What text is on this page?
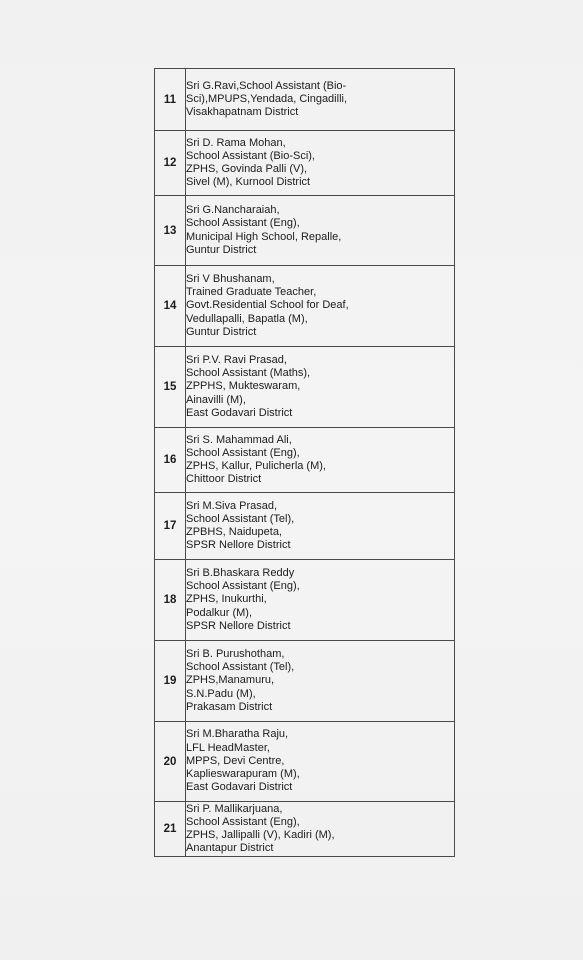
11	Sri G.Ravi,School Assistant (Bio-
Sci),MPUPS,Yendada, Cingadilli,
Visakhapatnam District

12	Sri D. Rama Mohan,
School Assistant (Bio-Sci),
ZPHS, Govinda Palli (V),
Sivel (M), Kurnool District

13	Sri G.Nancharaiah,
School Assistant (Eng),
Municipal High School, Repalle,
Guntur District

14	Sri V Bhushanam,
Trained Graduate Teacher,
Govt.Residential School for Deaf,
Vedullapalli, Bapatla (M),
Guntur District

15	Sri P.V. Ravi Prasad,
School Assistant (Maths),
ZPPHS, Mukteswaram,
Ainavilli (M),
East Godavari District

16	Sri S. Mahammad Ali,
School Assistant (Eng),
ZPHS, Kallur, Pulicherla (M),
Chittoor District

17	Sri M.Siva Prasad,
School Assistant (Tel),
ZPBHS, Naidupeta,
SPSR Nellore District

18	Sri B.Bhaskara Reddy
School Assistant (Eng),
ZPHS, Inukurthi,
Podalkur (M),
SPSR Nellore District

19	Sri B. Purushotham,
School Assistant (Tel),
ZPHS,Manamuru,
S.N.Padu (M),
Prakasam District

20	Sri M.Bharatha Raju,
LFL HeadMaster,
MPPS, Devi Centre,
Kaplieswarapuram (M),
East Godavari District

21	Sri P. Mallikarjuana,
School Assistant (Eng),
ZPHS, Jallipalli (V), Kadiri (M),
Anantapur District
